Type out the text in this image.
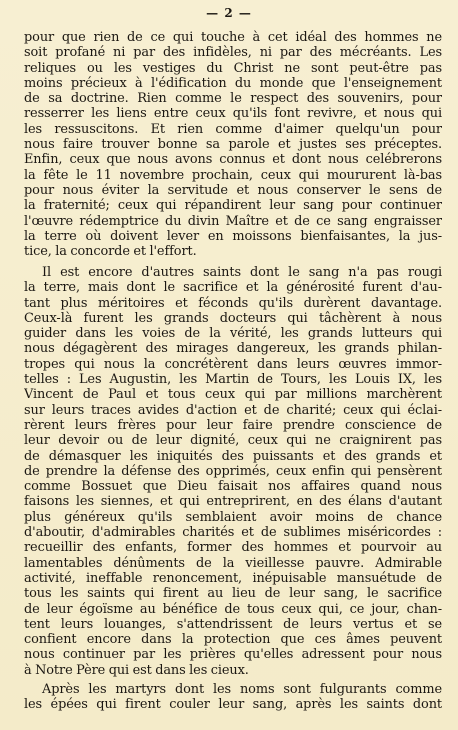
— 2 —
pour que rien de ce qui touche à cet idéal des hommes ne
soit profané ni par des infidèles, ni par des mécréants. Les
reliques ou les vestiges du Christ ne sont peut-être pas
moins précieux à l'édification du monde que l'enseignement
de sa doctrine. Rien comme le respect des souvenirs, pour
resserrer les liens entre ceux qu'ils font revivre, et nous qui
les ressuscitons. Et rien comme d'aimer quelqu'un pour
nous faire trouver bonne sa parole et justes ses préceptes.
Enfin, ceux que nous avons connus et dont nous celébrerons
la fête le 11 novembre prochain, ceux qui moururent là-bas
pour nous éviter la servitude et nous conserver le sens de
la fraternité; ceux qui répandirent leur sang pour continuer
l'œuvre rédemptrice du divin Maître et de ce sang engraisser
la terre où doivent lever en moissons bienfaisantes, la jus-
tice, la concorde et l'effort.
Il est encore d'autres saints dont le sang n'a pas rougi
la terre, mais dont le sacrifice et la générosité furent d'au-
tant plus méritoires et féconds qu'ils durèrent davantage.
Ceux-là furent les grands docteurs qui tâchèrent à nous
guider dans les voies de la vérité, les grands lutteurs qui
nous dégagèrent des mirages dangereux, les grands philan-
tropes qui nous la concrétèrent dans leurs œuvres immor-
telles : Les Augustin, les Martin de Tours, les Louis IX, les
Vincent de Paul et tous ceux qui par millions marchèrent
sur leurs traces avides d'action et de charité; ceux qui éclai-
rèrent leurs frères pour leur faire prendre conscience de
leur devoir ou de leur dignité, ceux qui ne craignirent pas
de démasquer les iniquités des puissants et des grands et
de prendre la défense des opprimés, ceux enfin qui pensèrent
comme Bossuet que Dieu faisait nos affaires quand nous
faisons les siennes, et qui entreprirent, en des élans d'autant
plus généreux qu'ils semblaient avoir moins de chance
d'aboutir, d'admirables charités et de sublimes miséricordes :
recueillir des enfants, former des hommes et pourvoir au
lamentables dénûments de la vieillesse pauvre. Admirable
activité, ineffable renoncement, inépuisable mansuétude de
tous les saints qui firent au lieu de leur sang, le sacrifice
de leur égoïsme au bénéfice de tous ceux qui, ce jour, chan-
tent leurs louanges, s'attendrissent de leurs vertus et se
confient encore dans la protection que ces âmes peuvent
nous continuer par les prières qu'elles adressent pour nous
à Notre Père qui est dans les cieux.
Après les martyrs dont les noms sont fulgurants comme
les épées qui firent couler leur sang, après les saints dont
